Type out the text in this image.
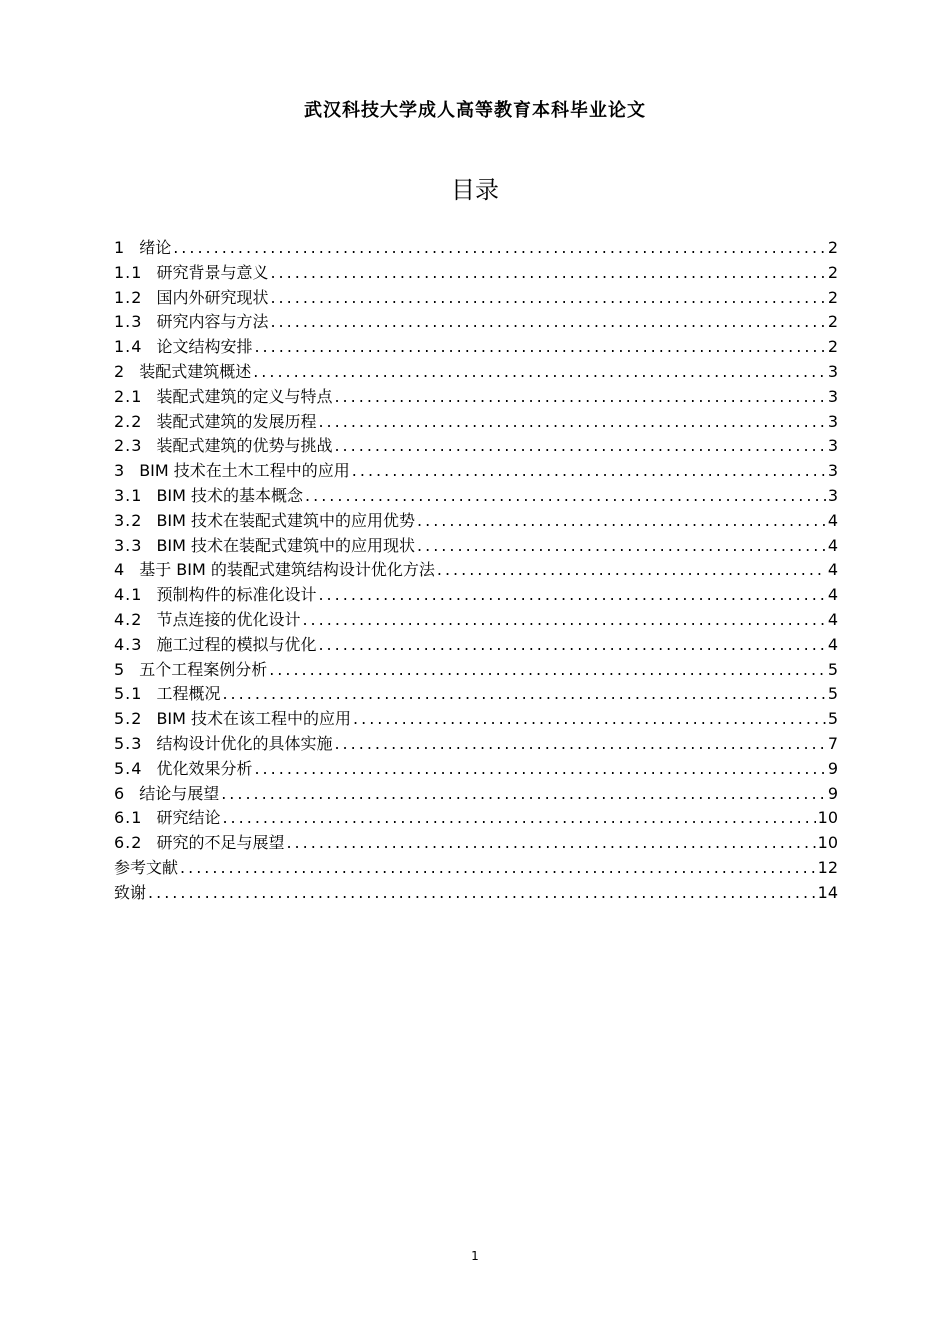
武汉科技大学成人高等教育本科毕业论文
目录
1 绪论 .....	2
1.1 研究背景与意义 .....	2
1.2 国内外研究现状 .....	2
1.3 研究内容与方法 .....	2
1.4 论文结构安排 .....	2
2 装配式建筑概述 .....	3
2.1 装配式建筑的定义与特点 .....	3
2.2 装配式建筑的发展历程 .....	3
2.3 装配式建筑的优势与挑战 .....	3
3 BIM 技术在土木工程中的应用 .....	3
3.1 BIM 技术的基本概念 .....	3
3.2 BIM 技术在装配式建筑中的应用优势 .....	4
3.3 BIM 技术在装配式建筑中的应用现状 .....	4
4 基于 BIM 的装配式建筑结构设计优化方法 .....	4
4.1 预制构件的标准化设计 .....	4
4.2 节点连接的优化设计 .....	4
4.3 施工过程的模拟与优化 .....	4
5 五个工程案例分析 .....	5
5.1 工程概况 .....	5
5.2 BIM 技术在该工程中的应用 .....	5
5.3 结构设计优化的具体实施 .....	7
5.4 优化效果分析 .....	9
6 结论与展望 .....	9
6.1 研究结论 .....	10
6.2 研究的不足与展望 .....	10
参考文献 .....	12
致谢 .....	14
1
